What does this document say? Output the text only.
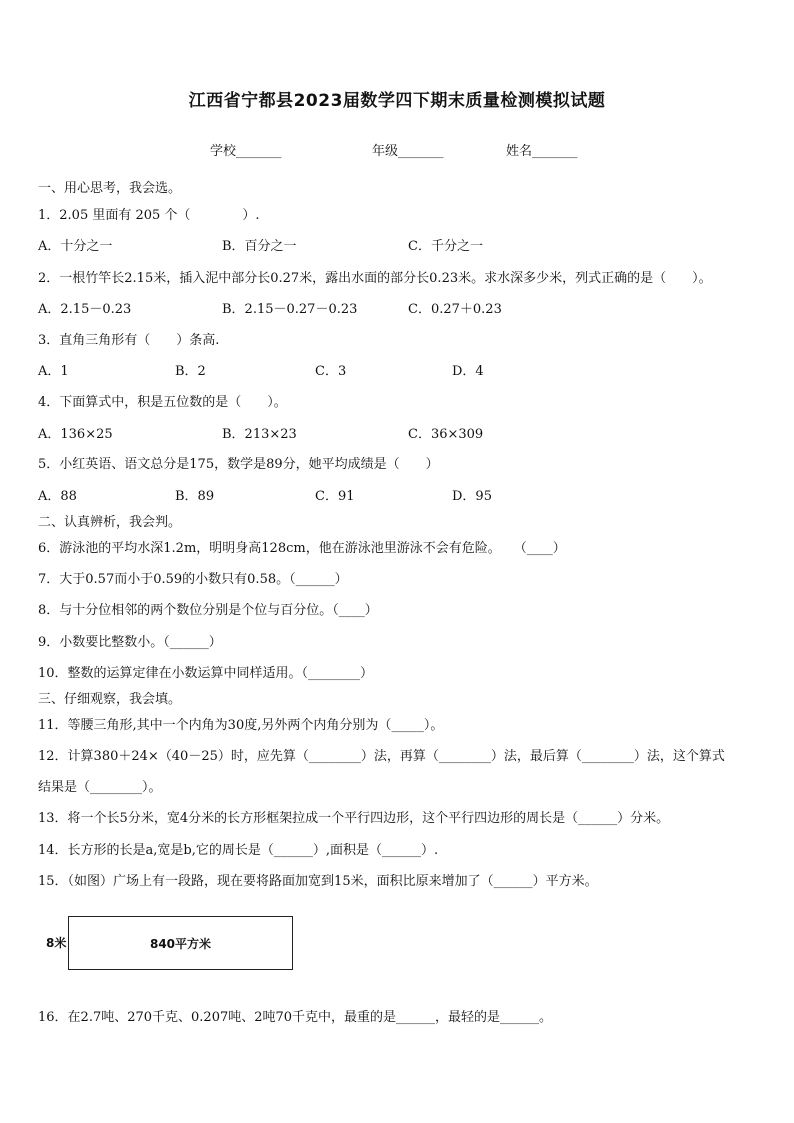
江西省宁都县2023届数学四下期末质量检测模拟试题
学校_______	年级_______	姓名_______
一、用心思考，我会选。
1．2.05 里面有 205 个（　　　　）.
A．十分之一	B．百分之一	C．千分之一
2．一根竹竿长2.15米，插入泥中部分长0.27米，露出水面的部分长0.23米。求水深多少米，列式正确的是（　　）。
A．2.15－0.23	B．2.15－0.27－0.23	C．0.27＋0.23
3．直角三角形有（　　）条高.
A．1	B．2	C．3	D．4
4．下面算式中，积是五位数的是（　　）。
A．136×25	B．213×23	C．36×309
5．小红英语、语文总分是175，数学是89分，她平均成绩是（　　）
A．88	B．89	C．91	D．95
二、认真辨析，我会判。
6．游泳池的平均水深1.2m，明明身高128cm，他在游泳池里游泳不会有危险。　　（____）
7．大于0.57而小于0.59的小数只有0.58。（______）
8．与十分位相邻的两个数位分别是个位与百分位。（____）
9．小数要比整数小。（______）
10．整数的运算定律在小数运算中同样适用。（________）
三、仔细观察，我会填。
11．等腰三角形,其中一个内角为30度,另外两个内角分别为（_____）。
12．计算380＋24×（40－25）时，应先算（________）法，再算（________）法，最后算（________）法，这个算式
结果是（________）。
13．将一个长5分米，宽4分米的长方形框架拉成一个平行四边形，这个平行四边形的周长是（______）分米。
14．长方形的长是a,宽是b,它的周长是（______）,面积是（______）.
15．（如图）广场上有一段路，现在要将路面加宽到15米，面积比原来增加了（______）平方米。
8米	840平方米
16．在2.7吨、270千克、0.207吨、2吨70千克中，最重的是______，最轻的是______。
